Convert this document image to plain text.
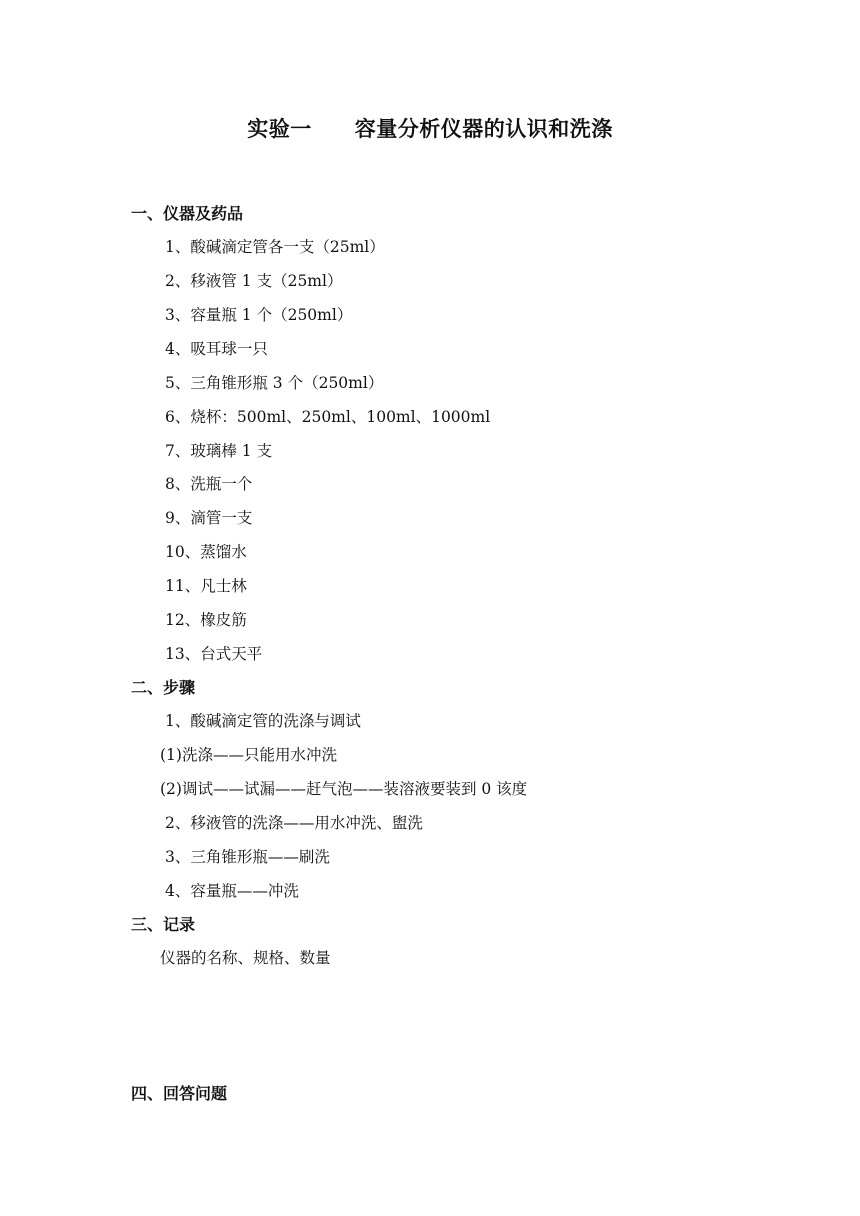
实验一　　容量分析仪器的认识和洗涤
一、仪器及药品
1、酸碱滴定管各一支（25ml）
2、移液管 1 支（25ml）
3、容量瓶 1 个（250ml）
4、吸耳球一只
5、三角锥形瓶 3 个（250ml）
6、烧杯：500ml、250ml、100ml、1000ml
7、玻璃棒 1 支
8、洗瓶一个
9、滴管一支
10、蒸馏水
11、凡士林
12、橡皮筋
13、台式天平
二、步骤
1、酸碱滴定管的洗涤与调试
(1)洗涤——只能用水冲洗
(2)调试——试漏——赶气泡——装溶液要装到 0 该度
2、移液管的洗涤——用水冲洗、盥洗
3、三角锥形瓶——刷洗
4、容量瓶——冲洗
三、记录
仪器的名称、规格、数量
四、回答问题
